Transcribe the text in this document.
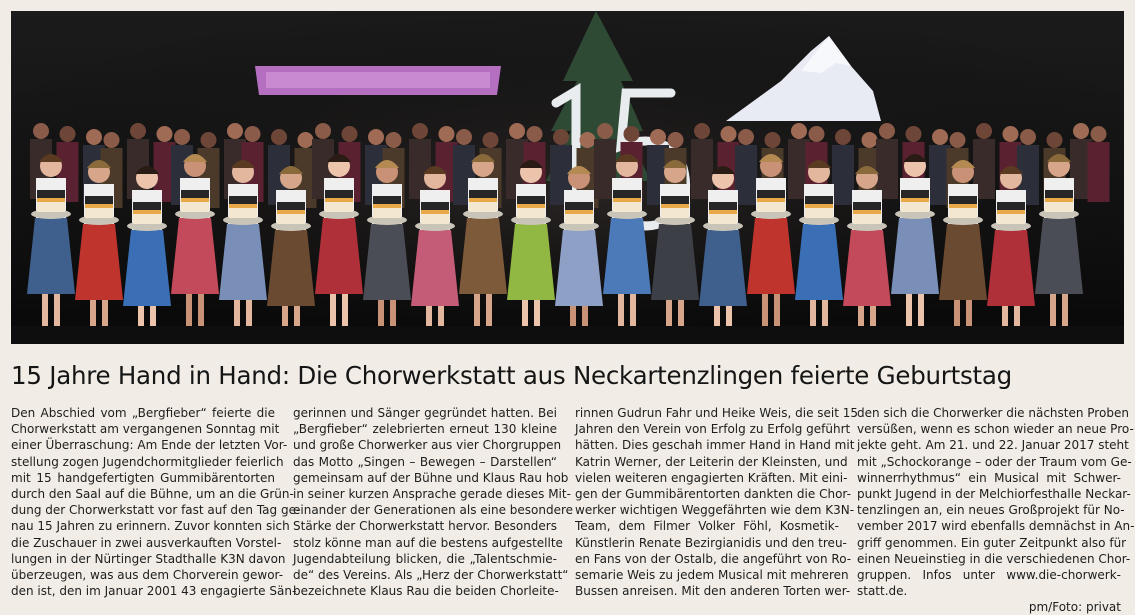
15 Jahre Hand in Hand: Die Chorwerkstatt aus Neckartenzlingen feierte Geburtstag
Den Abschied vom „Bergfieber“ feierte die
Chorwerkstatt am vergangenen Sonntag mit
einer Überraschung: Am Ende der letzten Vor-
stellung zogen Jugendchormitglieder feierlich
mit 15 handgefertigten Gummibärentorten
durch den Saal auf die Bühne, um an die Grün-
dung der Chorwerkstatt vor fast auf den Tag ge-
nau 15 Jahren zu erinnern. Zuvor konnten sich
die Zuschauer in zwei ausverkauften Vorstel-
lungen in der Nürtinger Stadthalle K3N davon
überzeugen, was aus dem Chorverein gewor-
den ist, den im Januar 2001 43 engagierte Sän-
gerinnen und Sänger gegründet hatten. Bei
„Bergfieber“ zelebrierten erneut 130 kleine
und große Chorwerker aus vier Chorgruppen
das Motto „Singen – Bewegen – Darstellen“
gemeinsam auf der Bühne und Klaus Rau hob
in seiner kurzen Ansprache gerade dieses Mit-
einander der Generationen als eine besondere
Stärke der Chorwerkstatt hervor. Besonders
stolz könne man auf die bestens aufgestellte
Jugendabteilung blicken, die „Talentschmie-
de“ des Vereins. Als „Herz der Chorwerkstatt“
bezeichnete Klaus Rau die beiden Chorleite-
rinnen Gudrun Fahr und Heike Weis, die seit 15
Jahren den Verein von Erfolg zu Erfolg geführt
hätten. Dies geschah immer Hand in Hand mit
Katrin Werner, der Leiterin der Kleinsten, und
vielen weiteren engagierten Kräften. Mit eini-
gen der Gummibärentorten dankten die Chor-
werker wichtigen Weggefährten wie dem K3N-
Team, dem Filmer Volker Föhl, Kosmetik-
Künstlerin Renate Bezirgianidis und den treu-
en Fans von der Ostalb, die angeführt von Ro-
semarie Weis zu jedem Musical mit mehreren
Bussen anreisen. Mit den anderen Torten wer-
den sich die Chorwerker die nächsten Proben
versüßen, wenn es schon wieder an neue Pro-
jekte geht. Am 21. und 22. Januar 2017 steht
mit „Schockorange – oder der Traum vom Ge-
winnerrhythmus“ ein Musical mit Schwer-
punkt Jugend in der Melchiorfesthalle Neckar-
tenzlingen an, ein neues Großprojekt für No-
vember 2017 wird ebenfalls demnächst in An-
griff genommen. Ein guter Zeitpunkt also für
einen Neueinstieg in die verschiedenen Chor-
gruppen. Infos unter www.die-chorwerk-
statt.de.
pm/Foto: privat
